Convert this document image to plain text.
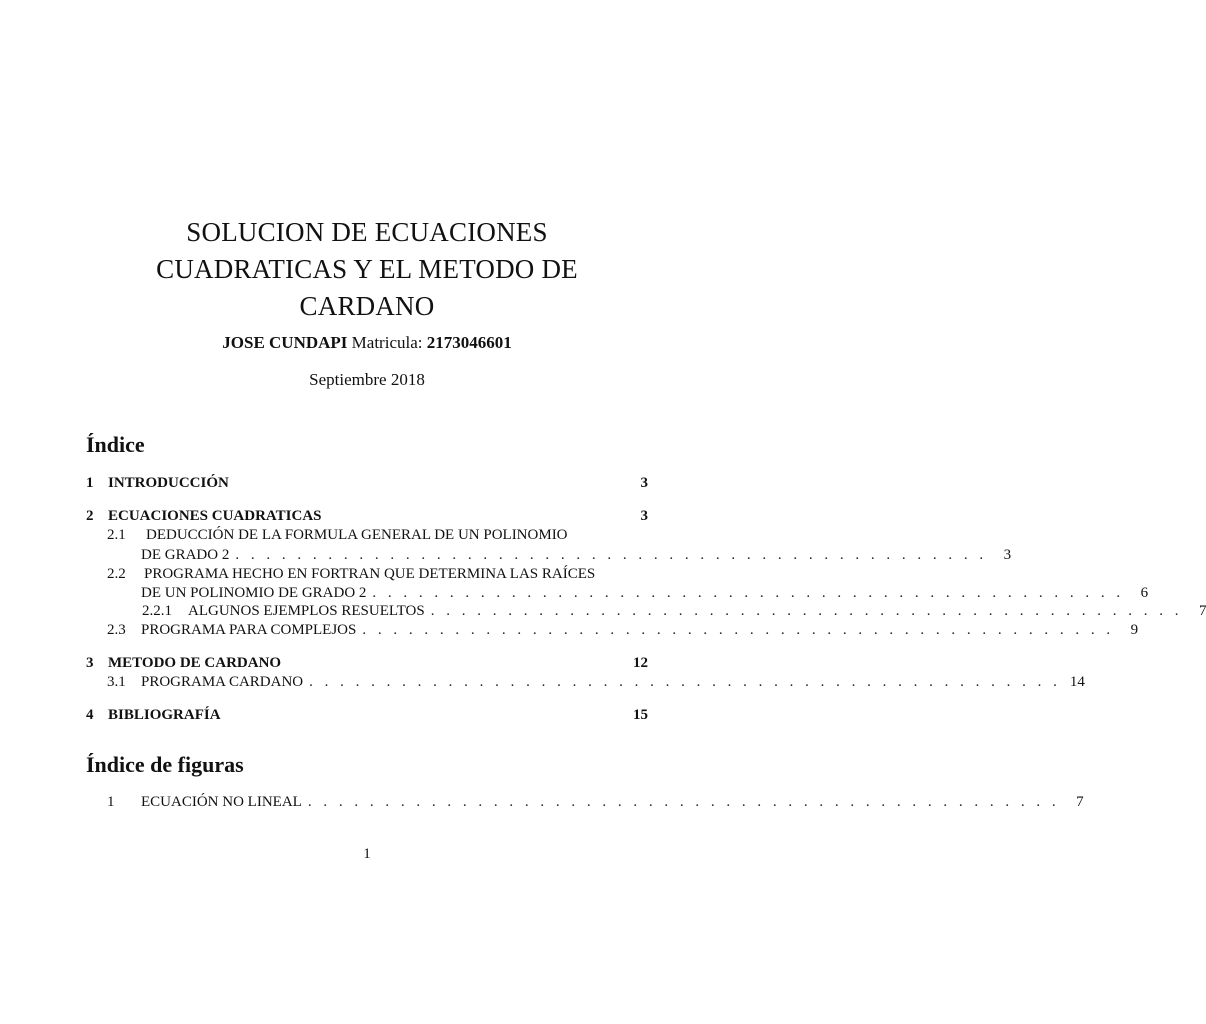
SOLUCION DE ECUACIONES
CUADRATICAS Y EL METODO DE
CARDANO
JOSE CUNDAPI Matricula: 2173046601
Septiembre 2018
Índice
1 INTRODUCCIÓN	3
2 ECUACIONES CUADRATICAS	3
2.1	DEDUCCIÓN DE LA FORMULA GENERAL DE UN POLINOMIO
DE GRADO 2 . . . . . . . . . . . . . . . . . . . . . . . . . . . . . . . . . . . . . . . . . . . . . . . . .	3
2.2	PROGRAMA HECHO EN FORTRAN QUE DETERMINA LAS RAÍCES
DE UN POLINOMIO DE GRADO 2 . . . . . . . . . . . . . . . . . . . . . . . . . . . . . . . . . . . . . . . . . . . . . . . . .	6
2.2.1	ALGUNOS EJEMPLOS RESUELTOS . . . . . . . . . . . . . . . . . . . . . . . . . . . . . . . . . . . . . . . . . . . . . . . . .	7
2.3	PROGRAMA PARA COMPLEJOS . . . . . . . . . . . . . . . . . . . . . . . . . . . . . . . . . . . . . . . . . . . . . . . . .	9
3 METODO DE CARDANO	12
3.1	PROGRAMA CARDANO . . . . . . . . . . . . . . . . . . . . . . . . . . . . . . . . . . . . . . . . . . . . . . . . . 14
4 BIBLIOGRAFÍA	15
Índice de figuras
1	ECUACIÓN NO LINEAL . . . . . . . . . . . . . . . . . . . . . . . . . . . . . . . . . . . . . . . . . . . . . . . . .	7
1
